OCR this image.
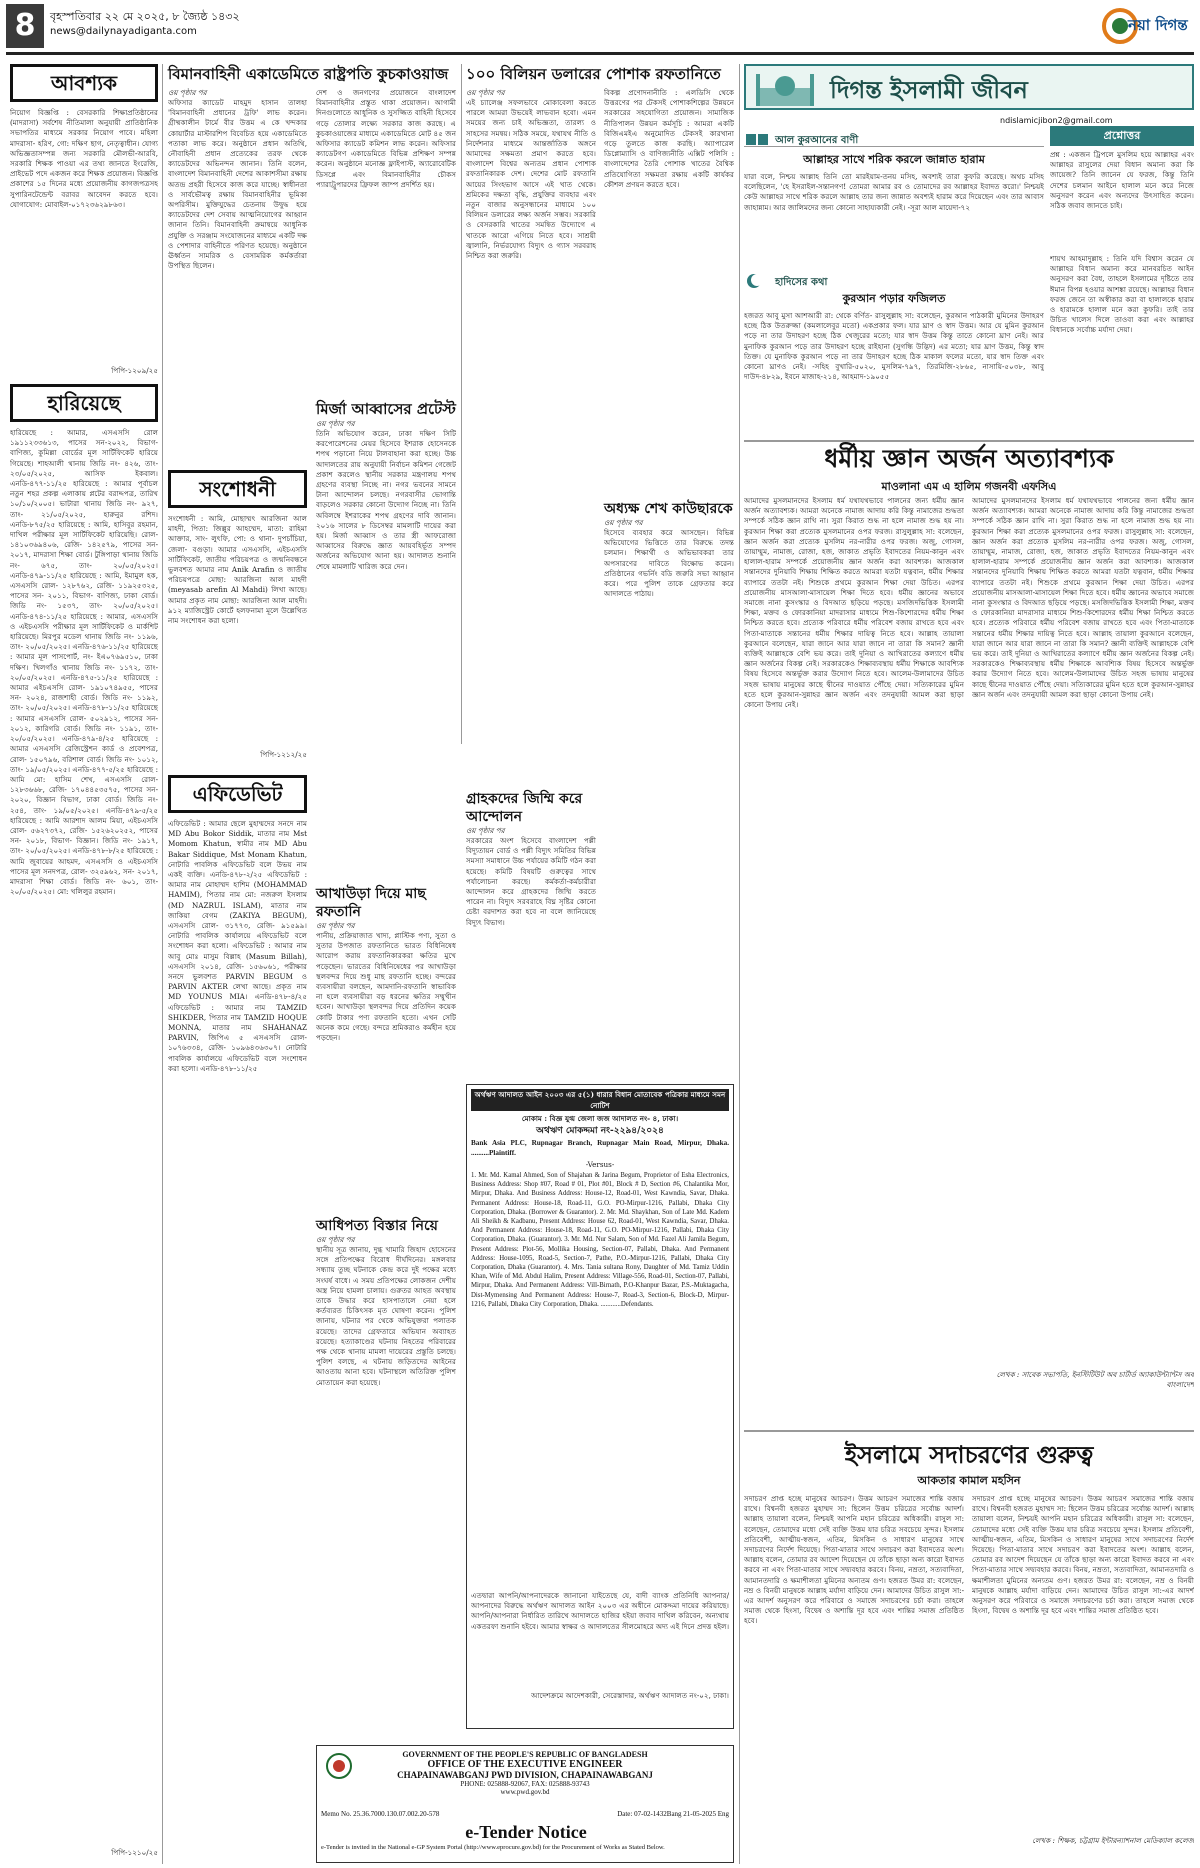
8	বৃহস্পতিবার ২২ মে ২০২৫, ৮ জ্যৈষ্ঠ ১৪৩২
news@dailynayadiganta.com	নয়া দিগন্ত
আবশ্যক
নিয়োগ বিজ্ঞপ্তি : বেসরকারি শিক্ষাপ্রতিষ্ঠানের (মাদরাসা) সর্বশেষ নীতিমালা অনুযায়ী প্রাতিষ্ঠানিক সভাপতির মাধ্যমে সরকার নিয়োগ পাবে। মহিলা মাদরাসা- হরিণ, গো: দক্ষিণ ছাগ, নেতৃত্বাধীন। যোগ্য অভিজ্ঞতাসম্পন্ন জন্য সরকারি মৌলভী-আরবি, সরকারি শিক্ষক পাওয়া এর তথ্য জানতে ইংরেজি, প্রাইভেট পদে একজন করে শিক্ষক প্রয়োজন। বিজ্ঞপ্তি প্রকাশের ১৫ দিনের মধ্যে প্রয়োজনীয় কাগজপত্রসহ সুপারিনটেন্ডেন্ট বরাবর আবেদন করতে হবে। যোগাযোগ: মোবাইল-০১৭২৩৬২৯৮৬৩।
পিপি-১২০৯/২৫
হারিয়েছে
হারিয়েছে : আমার, এসএসসি রোল ১৯১১২৩৩৬১৩, পাসের সন-২০২২, বিভাগ- বাণিজ্য, কুমিল্লা বোর্ডের মূল সার্টিফিকেট হারিয়ে গিয়েছে। শাহআলী থানায় জিডি নং- ৪২৬, তাং- ২৩/০৫/২০২৫, আসিফ ইকবাল। এনডি-৪৭৭-১১/২৫ হারিয়েছে : আমার পূর্বাচল নতুন শহর প্রকল্প এলাকায় প্লটের বরাদ্দপত্র, তারিখ ১০/১০/২০০৫। ভাটারা থানায় জিডি নং- ৯২৭, তাং- ২১/০৫/২০২৫, হারুনুর রশিদ। এনডি-৮৭৫/২৫ হারিয়েছে : আমি, হাসিবুর রহমান, দাখিল পরীক্ষার মূল সার্টিফিকেট হারিয়েছি। রোল- ১৪১০৩৬৯৪০৬, রেজি- ১৪২৫৭৯, পাসের সন- ২০১৭, মাদরাসা শিক্ষা বোর্ড। টুঙ্গিপাড়া থানায় জিডি নং- ৬৭৫, তাং- ২০/০৫/২০২৫। এনডি-৪৭৯-১১/২৫ হারিয়েছে : আমি, ইমামুল হক, এসএসসি রোল- ১২৮৭৬২, রেজি- ১১৯২৫৩২৫, পাসের সন- ২০১১, বিভাগ- বাণিজ্য, ঢাকা বোর্ড। জিডি নং- ১৫৩৭, তাং- ২০/০৫/২০২৫। এনডি-৪৭৪-১১/২৫ হারিয়েছে : আমার, এসএসসি ও এইচএসসি পরীক্ষার মূল সার্টিফিকেট ও মার্কশিট হারিয়েছে। মিরপুর মডেল থানায় জিডি নং- ১১৯৬, তাং- ২০/০৫/২০২৫। এনডি-৪৭৬-১১/২৫ হারিয়েছে : আমার মূল পাসপোর্ট, নং- ইএ০৭৬৯৫১০, ঢাকা দক্ষিণ। খিলগাঁও থানায় জিডি নং- ১১৭২, তাং- ২০/০৫/২০২৫। এনডি-৪৭৫-১১/২৫ হারিয়েছে : আমার এইচএসসি রোল- ১৯১০৭৪৯৫৫, পাসের সন- ২০২৪, রাজশাহী বোর্ড। জিডি নং- ১১৯২, তাং- ২০/০৫/২০২৫। এনডি-৪৭৮-১১/২৫ হারিয়েছে : আমার এসএসসি রোল- ৫০২৯১২, পাসের সন- ২০১২, কারিগরি বোর্ড। জিডি নং- ১১৯১, তাং- ২০/০৫/২০২৫। এনডি-৪৭৯-৪/২৫ হারিয়েছে : আমার এসএসসি রেজিস্ট্রেশন কার্ড ও প্রবেশপত্র, রোল- ১৫০৭৯৬, বরিশাল বোর্ড। জিডি নং- ১০১২, তাং- ১৯/০৫/২০২৫। এনডি-৪৭৭-৫/২৫ হারিয়েছে : আমি মো: হাসিম শেখ, এসএসসি রোল- ১২৮৩৬৬৮, রেজি- ১৭০৪৪৫৩৫৭৫, পাসের সন- ২০২০, বিজ্ঞান বিভাগ, ঢাকা বোর্ড। জিডি নং- ২৫৪, তাং- ১৯/০৫/২০২৫। এনডি-৪৭৯-৫/২৫ হারিয়েছে : আমি আরশাদ আলম মিয়া, এইচএসসি রোল- ৫৬২৭৩৭২, রেজি- ১৫২৬২০২৫২, পাসের সন- ২০১৮, বিভাগ- বিজ্ঞান। জিডি নং- ১৯১৭, তাং- ২০/০৫/২০২৫। এনডি-৪৭৮-৮/২৫ হারিয়েছে : আমি জুবায়ের আহমদ, এসএসসি ও এইচএসসি পাসের মূল সনদপত্র, রোল- ৩২৫৯৬২, সন- ২০১৭, মাদরাসা শিক্ষা বোর্ড। জিডি নং- ৬০১, তাং- ২০/০৫/২০২৫। মো: খলিলুর রহমান।
পিপি-১২১০/২৫
বিমানবাহিনী একাডেমিতে রাষ্ট্রপতি কুচকাওয়াজ
ওয় পৃষ্ঠার পর
অফিসার ক্যাডেট মাহমুদ হাসান তালহা 'বিমানবাহিনী প্রধানের ট্রফি' লাভ করেন। গ্রীষ্মকালীন টার্মে বীর উত্তম এ কে খন্দকার কোয়ার্টার মাস্টারশিপ বিবেচিত হয়ে একাডেমিতে পতাকা লাভ করে। অনুষ্ঠানে প্রধান অতিথি, নৌবাহিনী প্রধান প্রত্যেকের তরফ থেকে ক্যাডেটদের অভিনন্দন জানান। তিনি বলেন, বাংলাদেশ বিমানবাহিনী দেশের আকাশসীমা রক্ষায় অতন্দ্র প্রহরী হিসেবে কাজ করে যাচ্ছে। স্বাধীনতা ও সার্বভৌমত্ব রক্ষায় বিমানবাহিনীর ভূমিকা অপরিসীম। মুক্তিযুদ্ধের চেতনায় উদ্বুদ্ধ হয়ে ক্যাডেটদের দেশ সেবায় আত্মনিয়োগের আহ্বান জানান তিনি। বিমানবাহিনী ক্রমান্বয়ে আধুনিক প্রযুক্তি ও সরঞ্জাম সংযোজনের মাধ্যমে একটি দক্ষ ও পেশাদার বাহিনীতে পরিণত হয়েছে। অনুষ্ঠানে ঊর্ধ্বতন সামরিক ও বেসামরিক কর্মকর্তারা উপস্থিত ছিলেন।
দেশ ও জনগণের প্রয়োজনে বাংলাদেশ বিমানবাহিনীর প্রস্তুত থাকা প্রয়োজন। আগামী দিনগুলোতে আধুনিক ও সুসজ্জিত বাহিনী হিসেবে গড়ে তোলার লক্ষ্যে সরকার কাজ করছে। এ কুচকাওয়াজের মাধ্যমে একাডেমিতে মোট ৪৫ জন অফিসার ক্যাডেট কমিশন লাভ করেন। অফিসার ক্যাডেটগণ একাডেমিতে বিভিন্ন প্রশিক্ষণ সম্পন্ন করেন। অনুষ্ঠানে মনোজ্ঞ ফ্লাইপাস্ট, অ্যারোবেটিক ডিসপ্লে এবং বিমানবাহিনীর চৌকস প্যারাট্রুপারদের ফ্রিফল জাম্প প্রদর্শিত হয়।
সংশোধনী
সংশোধনী : আমি, মোছাম্মৎ আরজিনা আল মাহদী, পিতা: জিল্লুর আহম্মেদ, মাতা: রাহিমা আক্তার, সাং- লুৎফি, পো: ও থানা- দুপচাঁচিয়া, জেলা- বগুড়া। আমার এসএসসি, এইচএসসি সার্টিফিকেট, জাতীয় পরিচয়পত্র ও জন্মনিবন্ধনে ভুলবশত আমার নাম Anik Arafin ও জাতীয় পরিচয়পত্রে মোছা: আরজিনা আল মাহদী (meyasab arefin Al Mahdi) লিখা আছে। আমার প্রকৃত নাম মোছা: আরজিনা আল মাহদী। ৯১২ ম্যাজিস্ট্রেট কোর্টে হলফনামা মূলে উল্লেখিত নাম সংশোধন করা হলো।
পিপি-১২১২/২৫
এফিডেভিট
এফিডেভিট : আমার ছেলে মুহাম্মদের সনদে নাম MD Abu Bokor Siddik, মাতার নাম Mst Momom Khatun, স্বামীর নাম MD Abu Bakar Siddique, Mst Monam Khatun, নোটারি পাবলিক এফিডেভিট বলে উভয় নাম একই ব্যক্তি। এনডি-৪৭৮-২/২৫ এফিডেভিট : আমার নাম মোহাম্মদ হাশিম (MOHAMMAD HAMIM), পিতার নাম মো: নজরুল ইসলাম (MD NAZRUL ISLAM), মাতার নাম জাকিয়া বেগম (ZAKIYA BEGUM), এসএসসি রোল- ৩১৭৭৩, রেজি- ৯১৫৯৯। নোটারি পাবলিক কার্যালয়ে এফিডেভিট বলে সংশোধন করা হলো। এফিডেভিট : আমার নাম আবু মোঃ মাসুম বিল্লাহ (Masum Billah), এসএসসি ২০১৪, রেজি- ১৫৬০৬১, পরীক্ষার সনদে ভুলবশত PARVIN BEGUM ও PARVIN AKTER লেখা আছে। প্রকৃত নাম MD YOUNUS MIA। এনডি-৪৭৮-৪/২৫ এফিডেভিট : আমার নাম TAMZID SHIKDER, পিতার নাম TAMZID HOQUE MONNA, মাতার নাম SHAHANAZ PARVIN, জিপিএ ৫ এসএসসি রোল- ১০৭৬৩৩৪, রেজি- ১০৯৬৪৩৬৩০৭। নোটারি পাবলিক কার্যালয়ে এফিডেভিট বলে সংশোধন করা হলো। এনডি-৪৭৮-১১/২৫
মির্জা আব্বাসের প্রটেস্ট
ওয় পৃষ্ঠার পর
তিনি অভিযোগ করেন, ঢাকা দক্ষিণ সিটি করপোরেশনের মেয়র হিসেবে ইশরাক হোসেনকে শপথ পড়ানো নিয়ে টালবাহানা করা হচ্ছে। উচ্চ আদালতের রায় অনুযায়ী নির্বাচন কমিশন গেজেট প্রকাশ করলেও স্থানীয় সরকার মন্ত্রণালয় শপথ গ্রহণের ব্যবস্থা নিচ্ছে না। নগর ভবনের সামনে টানা আন্দোলন চলছে। নগরবাসীর ভোগান্তি বাড়লেও সরকার কোনো উদ্যোগ নিচ্ছে না। তিনি অবিলম্বে ইশরাকের শপথ গ্রহণের দাবি জানান। ২০১৬ সালের ৮ ডিসেম্বর মামলাটি দায়ের করা হয়। মির্জা আব্বাস ও তার স্ত্রী আফরোজা আব্বাসের বিরুদ্ধে জ্ঞাত আয়বহির্ভূত সম্পদ অর্জনের অভিযোগ আনা হয়। আদালত শুনানি শেষে মামলাটি খারিজ করে দেন।
আখাউড়া দিয়ে মাছ রফতানি
ওয় পৃষ্ঠার পর
পানীয়, প্রক্রিয়াজাত খাদ্য, প্লাস্টিক পণ্য, সুতা ও সুতার উপজাত রফতানিতে ভারত বিধিনিষেধ আরোপ করায় রফতানিকারকরা ক্ষতির মুখে পড়েছেন। ভারতের বিধিনিষেধের পর আখাউড়া স্থলবন্দর দিয়ে শুধু মাছ রফতানি হচ্ছে। বন্দরের ব্যবসায়ীরা বলছেন, আমদানি-রফতানি স্বাভাবিক না হলে ব্যবসায়ীরা বড় ধরনের ক্ষতির সম্মুখীন হবেন। আখাউড়া স্থলবন্দর দিয়ে প্রতিদিন কয়েক কোটি টাকার পণ্য রফতানি হতো। এখন সেটি অনেক কমে গেছে। বন্দরে শ্রমিকরাও কর্মহীন হয়ে পড়ছেন।
আধিপত্য বিস্তার নিয়ে
ওয় পৃষ্ঠার পর
স্থানীয় সূত্র জানায়, দুগ্ধ খামারি জিহাদ হোসেনের সঙ্গে প্রতিপক্ষের বিরোধ দীর্ঘদিনের। মঙ্গলবার সন্ধ্যায় তুচ্ছ ঘটনাকে কেন্দ্র করে দুই পক্ষের মধ্যে সংঘর্ষ বাধে। এ সময় প্রতিপক্ষের লোকজন দেশীয় অস্ত্র নিয়ে হামলা চালায়। গুরুতর আহত অবস্থায় তাকে উদ্ধার করে হাসপাতালে নেয়া হলে কর্তব্যরত চিকিৎসক মৃত ঘোষণা করেন। পুলিশ জানায়, ঘটনার পর থেকে অভিযুক্তরা পলাতক রয়েছে। তাদের গ্রেফতারে অভিযান অব্যাহত রয়েছে। হত্যাকাণ্ডের ঘটনায় নিহতের পরিবারের পক্ষ থেকে থানায় মামলা দায়েরের প্রস্তুতি চলছে। পুলিশ বলছে, এ ঘটনায় জড়িতদের আইনের আওতায় আনা হবে। ঘটনাস্থলে অতিরিক্ত পুলিশ মোতায়েন করা হয়েছে।
১০০ বিলিয়ন ডলারের পোশাক রফতানিতে
ওয় পৃষ্ঠার পর
এই চ্যালেঞ্জ সফলভাবে মোকাবেলা করতে পারলে আমরা উভয়েই লাভবান হবো। এমন সময়ের জন্য চাই অভিজ্ঞতা, তারল্য ও সাহসের সমন্বয়। সঠিক সময়ে, যথাযথ নীতি ও নির্দেশনার মাধ্যমে আন্তর্জাতিক অঙ্গনে আমাদের সক্ষমতা প্রমাণ করতে হবে। বাংলাদেশ বিশ্বের অন্যতম প্রধান পোশাক রফতানিকারক দেশ। দেশের মোট রফতানি আয়ের সিংহভাগ আসে এই খাত থেকে। শ্রমিকের দক্ষতা বৃদ্ধি, প্রযুক্তির ব্যবহার এবং নতুন বাজার অনুসন্ধানের মাধ্যমে ১০০ বিলিয়ন ডলারের লক্ষ্য অর্জন সম্ভব। সরকারি ও বেসরকারি খাতের সমন্বিত উদ্যোগে এ খাতকে আরো এগিয়ে নিতে হবে। সাশ্রয়ী জ্বালানি, নির্ভরযোগ্য বিদ্যুৎ ও গ্যাস সরবরাহ নিশ্চিত করা জরুরি।
বিকল্প প্রণোদনানীতি : এলডিসি থেকে উত্তরণের পর টেকসই পোশাকশিল্পের উন্নয়নে সরকারের সহযোগিতা প্রয়োজন। সামাজিক নীতিপালন উন্নয়ন কর্মসূচি : আমরা একটি বিজিএমইএ অনুমোদিত টেকসই কারখানা গড়ে তুলতে কাজ করছি। অ্যাপারেল ডিপ্লোম্যাসি ও বাণিজ্যনীতি এক্সিট পলিসি : বাংলাদেশের তৈরি পোশাক খাতের বৈশ্বিক প্রতিযোগিতা সক্ষমতা রক্ষায় একটি কার্যকর কৌশল প্রণয়ন করতে হবে।
গ্রাহকদের জিম্মি করে আন্দোলন
ওয় পৃষ্ঠার পর
সরকারের অংশ হিসেবে বাংলাদেশ পল্লী বিদ্যুতায়ন বোর্ড ও পল্লী বিদ্যুৎ সমিতির বিভিন্ন সমস্যা সমাধানে উচ্চ পর্যায়ের কমিটি গঠন করা হয়েছে। কমিটি বিষয়টি গুরুত্বের সাথে পর্যালোচনা করছে। কর্মকর্তা-কর্মচারীরা আন্দোলন করে গ্রাহকদের জিম্মি করতে পারেন না। বিদ্যুৎ সরবরাহে বিঘ্ন সৃষ্টির কোনো চেষ্টা বরদাশত করা হবে না বলে জানিয়েছে বিদ্যুৎ বিভাগ।
অধ্যক্ষ শেখ কাউছারকে
ওয় পৃষ্ঠার পর
হিসেবে ব্যবহার করে আসছেন। বিভিন্ন অভিযোগের ভিত্তিতে তার বিরুদ্ধে তদন্ত চলমান। শিক্ষার্থী ও অভিভাবকরা তার অপসারণের দাবিতে বিক্ষোভ করেন। প্রতিষ্ঠানের গভর্নিং বডি জরুরি সভা আহ্বান করে। পরে পুলিশ তাকে গ্রেফতার করে আদালতে পাঠায়।
অর্থঋণ আদালত আইন ২০০৩ এর ৫(১) ধারার বিধান মোতাবেক পত্রিকার মাধ্যমে সমন নোটিশ
মোকাম : বিজ্ঞ যুগ্ম জেলা জজ আদালত নং- ৪, ঢাকা।
অর্থঋণ মোকদ্দমা নং-২২৯৪/২০২৪
Bank Asia PLC, Rupnagar Branch, Rupnagar Main Road, Mirpur, Dhaka. ..........Plaintiff.
-Versus-
1. Mr. Md. Kamal Ahmed, Son of Shajahan & Jarina Begum, Proprietor of Esha Electronics, Business Address: Shop #07, Road # 01, Plot #01, Block # D, Section #6, Chalantika Mor, Mirpur, Dhaka. And Business Address: House-12, Road-01, West Kawndia, Savar, Dhaka. Permanent Address: House-18, Road-11, G.O. PO-Mirpur-1216, Pallabi, Dhaka City Corporation, Dhaka. (Borrower & Guarantor). 2. Mr. Md. Shaykhan, Son of Late Md. Kadem Ali Sheikh & Kadbanu, Present Address: House 62, Road-01, West Kawndia, Savar, Dhaka. And Permanent Address: House-18, Road-11, G.O. PO-Mirpur-1216, Pallabi, Dhaka City Corporation, Dhaka. (Guarantor). 3. Mr. Md. Nur Salam, Son of Md. Fazel Ali Jamila Begum, Present Address: Plot-56, Mollika Housing, Section-07, Pallabi, Dhaka. And Permanent Address: House-1095, Road-5, Section-7, Pathe, P.O.-Mirpur-1216, Pallabi, Dhaka City Corporation, Dhaka (Guarantor). 4. Mrs. Tania sultana Rony, Daughter of Md. Tamiz Uddin Khan, Wife of Md. Abdul Halim, Present Address: Village-556, Road-01, Section-07, Pallabi, Mirpur, Dhaka. And Permanent Address: Vill-Birnath, P.O-Khanpur Bazar, P.S.-Muktagacha, Dist-Mymensing And Permanent Address: House-7, Road-3, Section-6, Block-D, Mirpur-1216, Pallabi, Dhaka City Corporation, Dhaka. ............Defendants.
এতদ্বারা আপনি/আপনাদেরকে জানানো যাইতেছে যে, বাদী ব্যাংক প্রতিনিধি আপনার/আপনাদের বিরুদ্ধে অর্থঋণ আদালত আইন ২০০৩ এর অধীনে মোকদ্দমা দায়ের করিয়াছে। আপনি/আপনারা নির্ধারিত তারিখে আদালতে হাজির হইয়া জবাব দাখিল করিবেন, অন্যথায় একতরফা শুনানি হইবে। আমার স্বাক্ষর ও আদালতের সীলমোহরে অদ্য এই দিনে প্রদত্ত হইল।
আদেশক্রমে আদেশকারী, সেরেস্তাদার, অর্থঋণ আদালত নং-০২, ঢাকা।
GOVERNMENT OF THE PEOPLE'S REPUBLIC OF BANGLADESH
OFFICE OF THE EXECUTIVE ENGINEER
CHAPAINAWABGANJ PWD DIVISION, CHAPAINAWABGANJ
PHONE: 025888-92067, FAX: 025888-93743
www.pwd.gov.bd
Memo No. 25.36.7000.130.07.002.20-578	Date: 07-02-1432Bang 21-05-2025 Eng
e-Tender Notice
e-Tender is invited in the National e-GP System Portal (http://www.eprocure.gov.bd) for the Procurement of Works as Stated Below.
দিগন্ত ইসলামী জীবন
ndislamicjibon2@gmail.com
আল কুরআনের বাণী
আল্লাহর সাথে শরিক করলে জান্নাত হারাম
যারা বলে, নিশ্চয় আল্লাহ তিনি তো মারইয়াম-তনয় মসিহ, অবশ্যই তারা কুফরি করেছে। অথচ মসিহ বলেছিলেন, 'হে ইসরাইল-সন্তানগণ! তোমরা আমার রব ও তোমাদের রব আল্লাহর ইবাদত করো।' নিশ্চয়ই কেউ আল্লাহর সাথে শরিক করলে আল্লাহ তার জন্য জান্নাত অবশ্যই হারাম করে দিয়েছেন এবং তার আবাস জাহান্নাম। আর জালিমদের জন্য কোনো সাহায্যকারী নেই। -সূরা আল মায়েদা-৭২
হাদিসের কথা
কুরআন পড়ার ফজিলত
হজরত আবু মুসা আশআরী রা: থেকে বর্ণিত- রাসুলুল্লাহ সা: বলেছেন, কুরআন পাঠকারী মুমিনের উদাহরণ হচ্ছে ঠিক উতরুজ্জা (কমলালেবুর মতো) একপ্রকার ফল। যার ঘ্রাণ ও স্বাদ উত্তম। আর যে মুমিন কুরআন পড়ে না তার উদাহরণ হচ্ছে ঠিক খেজুরের মতো; যার স্বাদ উত্তম কিন্তু তাতে কোনো ঘ্রাণ নেই। আর মুনাফিক কুরআন পড়ে তার উদাহরণ হচ্ছে রাইহানা (সুগন্ধি উদ্ভিদ) এর মতো; যার ঘ্রাণ উত্তম, কিন্তু স্বাদ তিক্ত। যে মুনাফিক কুরআন পড়ে না তার উদাহরণ হচ্ছে ঠিক মাকাল ফলের মতো, যার স্বাদ তিক্ত এবং কোনো ঘ্রাণও নেই। -সহিহ বুখারি-৫০২০, মুসলিম-৭৯৭, তিরমিজি-২৮৬৫, নাসায়ি-৫০৩৮, আবু দাউদ-৪৮২৯, ইবনে মাজাহ-২১৪, আহমাদ-১৯০৫৫
প্রশ্নোত্তর
প্রশ্ন : একজন ট্রিপলে মুসলিম হয়ে আল্লাহর এবং আল্লাহর রাসুলের দেয়া বিধান অমান্য করা কি জায়েজ? তিনি জানেন যে ফরজ, কিন্তু তিনি দেশের চলমান আইনে হালাল মনে করে নিজে অনুসরণ করেন এবং অন্যদের উৎসাহিত করেন। সঠিক জবাব জানতে চাই।
শায়খ আহমাদুল্লাহ : তিনি যদি বিশ্বাস করেন যে আল্লাহর বিধান অমান্য করে মানবরচিত আইন অনুসরণ করা বৈধ, তাহলে ইসলামের দৃষ্টিতে তার ঈমান বিপন্ন হওয়ার আশঙ্কা রয়েছে। আল্লাহর বিধান ফরজ জেনে তা অস্বীকার করা বা হালালকে হারাম ও হারামকে হালাল মনে করা কুফরি। তাই তার উচিত খালেস দিলে তাওবা করা এবং আল্লাহর বিধানকে সর্বোচ্চ মর্যাদা দেয়া।
ধর্মীয় জ্ঞান অর্জন অত্যাবশ্যক
মাওলানা এম এ হালিম গজনবী এফসিএ
আমাদের মুসলমানদের ইসলাম ধর্ম যথাযথভাবে পালনের জন্য ধর্মীয় জ্ঞান অর্জন অত্যাবশ্যক। আমরা অনেকে নামাজ আদায় করি কিন্তু নামাজের শুদ্ধতা সম্পর্কে সঠিক জ্ঞান রাখি না। সুরা কিরাত শুদ্ধ না হলে নামাজ শুদ্ধ হয় না। কুরআন শিক্ষা করা প্রত্যেক মুসলমানের ওপর ফরজ। রাসুলুল্লাহ সা: বলেছেন, জ্ঞান অর্জন করা প্রত্যেক মুসলিম নর-নারীর ওপর ফরজ। অজু, গোসল, তায়াম্মুম, নামাজ, রোজা, হজ, জাকাত প্রভৃতি ইবাদতের নিয়ম-কানুন এবং হালাল-হারাম সম্পর্কে প্রয়োজনীয় জ্ঞান অর্জন করা আবশ্যক। আজকাল সন্তানদের দুনিয়াবি শিক্ষায় শিক্ষিত করতে আমরা যতটা যত্নবান, ধর্মীয় শিক্ষার ব্যাপারে ততটা নই। শিশুকে প্রথমে কুরআন শিক্ষা দেয়া উচিত। এরপর প্রয়োজনীয় মাসআলা-মাসায়েল শিক্ষা দিতে হবে। ধর্মীয় জ্ঞানের অভাবে সমাজে নানা কুসংস্কার ও বিদআত ছড়িয়ে পড়ছে। মসজিদভিত্তিক ইসলামী শিক্ষা, মক্তব ও ফোরকানিয়া মাদরাসার মাধ্যমে শিশু-কিশোরদের ধর্মীয় শিক্ষা নিশ্চিত করতে হবে। প্রত্যেক পরিবারে ধর্মীয় পরিবেশ বজায় রাখতে হবে এবং পিতা-মাতাকে সন্তানের ধর্মীয় শিক্ষার দায়িত্ব নিতে হবে। আল্লাহ তায়ালা কুরআনে বলেছেন, যারা জানে আর যারা জানে না তারা কি সমান? জ্ঞানী ব্যক্তিই আল্লাহকে বেশি ভয় করে। তাই দুনিয়া ও আখিরাতের কল্যাণে ধর্মীয় জ্ঞান অর্জনের বিকল্প নেই। সরকারকেও শিক্ষাব্যবস্থায় ধর্মীয় শিক্ষাকে আবশ্যিক বিষয় হিসেবে অন্তর্ভুক্ত করার উদ্যোগ নিতে হবে। আলেম-উলামাদের উচিত সহজ ভাষায় মানুষের কাছে দ্বীনের দাওয়াত পৌঁছে দেয়া। সত্যিকারের মুমিন হতে হলে কুরআন-সুন্নাহর জ্ঞান অর্জন এবং তদনুযায়ী আমল করা ছাড়া কোনো উপায় নেই।
আমাদের মুসলমানদের ইসলাম ধর্ম যথাযথভাবে পালনের জন্য ধর্মীয় জ্ঞান অর্জন অত্যাবশ্যক। আমরা অনেকে নামাজ আদায় করি কিন্তু নামাজের শুদ্ধতা সম্পর্কে সঠিক জ্ঞান রাখি না। সুরা কিরাত শুদ্ধ না হলে নামাজ শুদ্ধ হয় না। কুরআন শিক্ষা করা প্রত্যেক মুসলমানের ওপর ফরজ। রাসুলুল্লাহ সা: বলেছেন, জ্ঞান অর্জন করা প্রত্যেক মুসলিম নর-নারীর ওপর ফরজ। অজু, গোসল, তায়াম্মুম, নামাজ, রোজা, হজ, জাকাত প্রভৃতি ইবাদতের নিয়ম-কানুন এবং হালাল-হারাম সম্পর্কে প্রয়োজনীয় জ্ঞান অর্জন করা আবশ্যক। আজকাল সন্তানদের দুনিয়াবি শিক্ষায় শিক্ষিত করতে আমরা যতটা যত্নবান, ধর্মীয় শিক্ষার ব্যাপারে ততটা নই। শিশুকে প্রথমে কুরআন শিক্ষা দেয়া উচিত। এরপর প্রয়োজনীয় মাসআলা-মাসায়েল শিক্ষা দিতে হবে। ধর্মীয় জ্ঞানের অভাবে সমাজে নানা কুসংস্কার ও বিদআত ছড়িয়ে পড়ছে। মসজিদভিত্তিক ইসলামী শিক্ষা, মক্তব ও ফোরকানিয়া মাদরাসার মাধ্যমে শিশু-কিশোরদের ধর্মীয় শিক্ষা নিশ্চিত করতে হবে। প্রত্যেক পরিবারে ধর্মীয় পরিবেশ বজায় রাখতে হবে এবং পিতা-মাতাকে সন্তানের ধর্মীয় শিক্ষার দায়িত্ব নিতে হবে। আল্লাহ তায়ালা কুরআনে বলেছেন, যারা জানে আর যারা জানে না তারা কি সমান? জ্ঞানী ব্যক্তিই আল্লাহকে বেশি ভয় করে। তাই দুনিয়া ও আখিরাতের কল্যাণে ধর্মীয় জ্ঞান অর্জনের বিকল্প নেই। সরকারকেও শিক্ষাব্যবস্থায় ধর্মীয় শিক্ষাকে আবশ্যিক বিষয় হিসেবে অন্তর্ভুক্ত করার উদ্যোগ নিতে হবে। আলেম-উলামাদের উচিত সহজ ভাষায় মানুষের কাছে দ্বীনের দাওয়াত পৌঁছে দেয়া। সত্যিকারের মুমিন হতে হলে কুরআন-সুন্নাহর জ্ঞান অর্জন এবং তদনুযায়ী আমল করা ছাড়া কোনো উপায় নেই।
লেখক : সাবেক সভাপতি, ইনস্টিটিউট অব চার্টার্ড অ্যাকাউন্ট্যান্টস অব বাংলাদেশ
ইসলামে সদাচরণের গুরুত্ব
আকতার কামাল মহসিন
সদাচরণ প্রাপ্ত হচ্ছে মানুষের আচরণ। উত্তম আচরণ সমাজের শান্তি বজায় রাখে। বিশ্বনবী হজরত মুহাম্মদ সা: ছিলেন উত্তম চরিত্রের সর্বোচ্চ আদর্শ। আল্লাহ তায়ালা বলেন, নিশ্চয়ই আপনি মহান চরিত্রের অধিকারী। রাসুল সা: বলেছেন, তোমাদের মধ্যে সেই ব্যক্তি উত্তম যার চরিত্র সবচেয়ে সুন্দর। ইসলাম প্রতিবেশী, আত্মীয়-স্বজন, এতিম, মিসকিন ও সাধারণ মানুষের সাথে সদাচরণের নির্দেশ দিয়েছে। পিতা-মাতার সাথে সদাচরণ করা ইবাদতের অংশ। আল্লাহ বলেন, তোমার রব আদেশ দিয়েছেন যে তাঁকে ছাড়া অন্য কারো ইবাদত করবে না এবং পিতা-মাতার সাথে সদ্ব্যবহার করবে। বিনয়, নম্রতা, সত্যবাদিতা, আমানতদারি ও ক্ষমাশীলতা মুমিনের অন্যতম গুণ। হজরত উমর রা: বলেছেন, নম্র ও বিনয়ী মানুষকে আল্লাহ মর্যাদা বাড়িয়ে দেন। আমাদের উচিত রাসুল সা:-এর আদর্শ অনুসরণ করে পরিবারে ও সমাজে সদাচরণের চর্চা করা। তাহলে সমাজ থেকে হিংসা, বিদ্বেষ ও অশান্তি দূর হবে এবং শান্তির সমাজ প্রতিষ্ঠিত হবে।
সদাচরণ প্রাপ্ত হচ্ছে মানুষের আচরণ। উত্তম আচরণ সমাজের শান্তি বজায় রাখে। বিশ্বনবী হজরত মুহাম্মদ সা: ছিলেন উত্তম চরিত্রের সর্বোচ্চ আদর্শ। আল্লাহ তায়ালা বলেন, নিশ্চয়ই আপনি মহান চরিত্রের অধিকারী। রাসুল সা: বলেছেন, তোমাদের মধ্যে সেই ব্যক্তি উত্তম যার চরিত্র সবচেয়ে সুন্দর। ইসলাম প্রতিবেশী, আত্মীয়-স্বজন, এতিম, মিসকিন ও সাধারণ মানুষের সাথে সদাচরণের নির্দেশ দিয়েছে। পিতা-মাতার সাথে সদাচরণ করা ইবাদতের অংশ। আল্লাহ বলেন, তোমার রব আদেশ দিয়েছেন যে তাঁকে ছাড়া অন্য কারো ইবাদত করবে না এবং পিতা-মাতার সাথে সদ্ব্যবহার করবে। বিনয়, নম্রতা, সত্যবাদিতা, আমানতদারি ও ক্ষমাশীলতা মুমিনের অন্যতম গুণ। হজরত উমর রা: বলেছেন, নম্র ও বিনয়ী মানুষকে আল্লাহ মর্যাদা বাড়িয়ে দেন। আমাদের উচিত রাসুল সা:-এর আদর্শ অনুসরণ করে পরিবারে ও সমাজে সদাচরণের চর্চা করা। তাহলে সমাজ থেকে হিংসা, বিদ্বেষ ও অশান্তি দূর হবে এবং শান্তির সমাজ প্রতিষ্ঠিত হবে।
লেখক : শিক্ষক, চট্টগ্রাম ইন্টারন্যাশনাল মেডিক্যাল কলেজ
